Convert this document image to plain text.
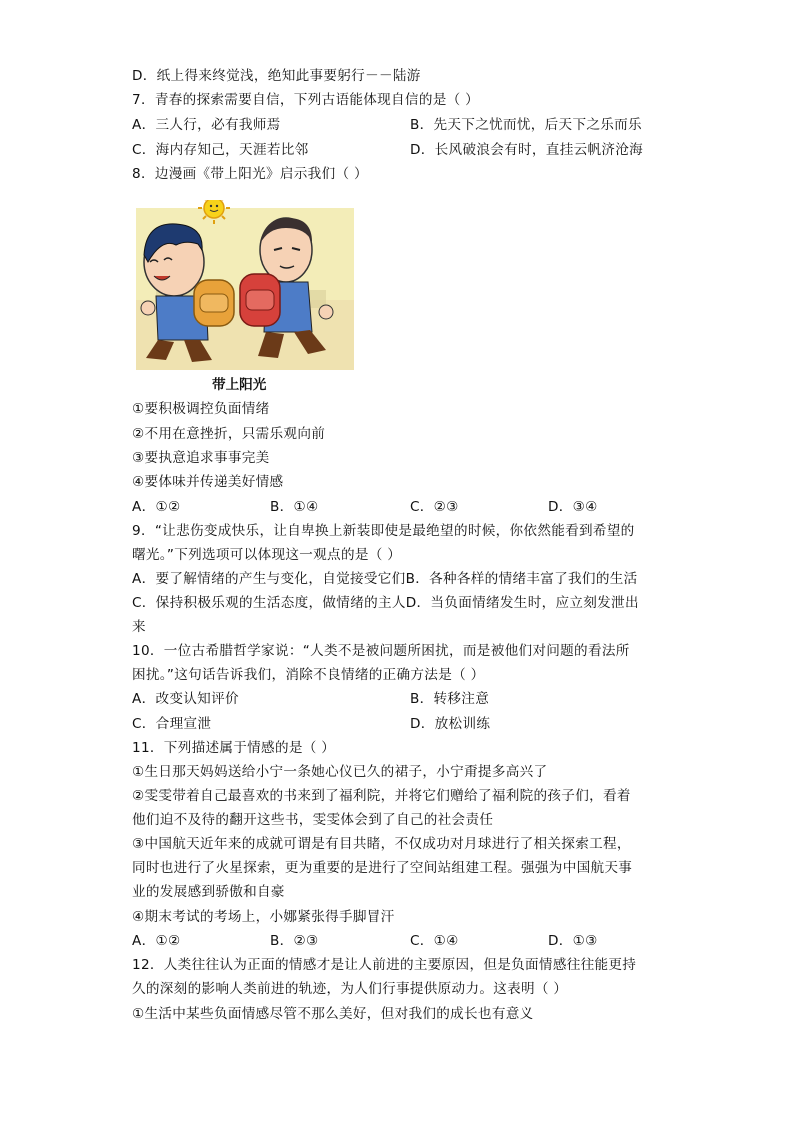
D．纸上得来终觉浅，绝知此事要躬行－－陆游
7．青春的探索需要自信，下列古语能体现自信的是（ ）
A．三人行，必有我师焉	B．先天下之忧而忧，后天下之乐而乐
C．海内存知己，天涯若比邻	D．长风破浪会有时，直挂云帆济沧海
8．边漫画《带上阳光》启示我们（ ）
带上阳光
①要积极调控负面情绪
②不用在意挫折，只需乐观向前
③要执意追求事事完美
④要体味并传递美好情感
A．①②	B．①④	C．②③	D．③④
9．“让悲伤变成快乐，让自卑换上新装即使是最绝望的时候，你依然能看到希望的
曙光。”下列选项可以体现这一观点的是（ ）
A．要了解情绪的产生与变化，自觉接受它们B．各种各样的情绪丰富了我们的生活
C．保持积极乐观的生活态度，做情绪的主人D．当负面情绪发生时，应立刻发泄出
来
10．一位古希腊哲学家说：“人类不是被问题所困扰，而是被他们对问题的看法所
困扰。”这句话告诉我们，消除不良情绪的正确方法是（ ）
A．改变认知评价	B．转移注意
C．合理宣泄	D．放松训练
11．下列描述属于情感的是（ ）
①生日那天妈妈送给小宁一条她心仪已久的裙子，小宁甭提多高兴了
②雯雯带着自己最喜欢的书来到了福利院，并将它们赠给了福利院的孩子们，看着
他们迫不及待的翻开这些书，雯雯体会到了自己的社会责任
③中国航天近年来的成就可谓是有目共睹，不仅成功对月球进行了相关探索工程，
同时也进行了火星探索，更为重要的是进行了空间站组建工程。强强为中国航天事
业的发展感到骄傲和自豪
④期末考试的考场上，小娜紧张得手脚冒汗
A．①②	B．②③	C．①④	D．①③
12．人类往往认为正面的情感才是让人前进的主要原因，但是负面情感往往能更持
久的深刻的影响人类前进的轨迹，为人们行事提供原动力。这表明（ ）
①生活中某些负面情感尽管不那么美好，但对我们的成长也有意义
